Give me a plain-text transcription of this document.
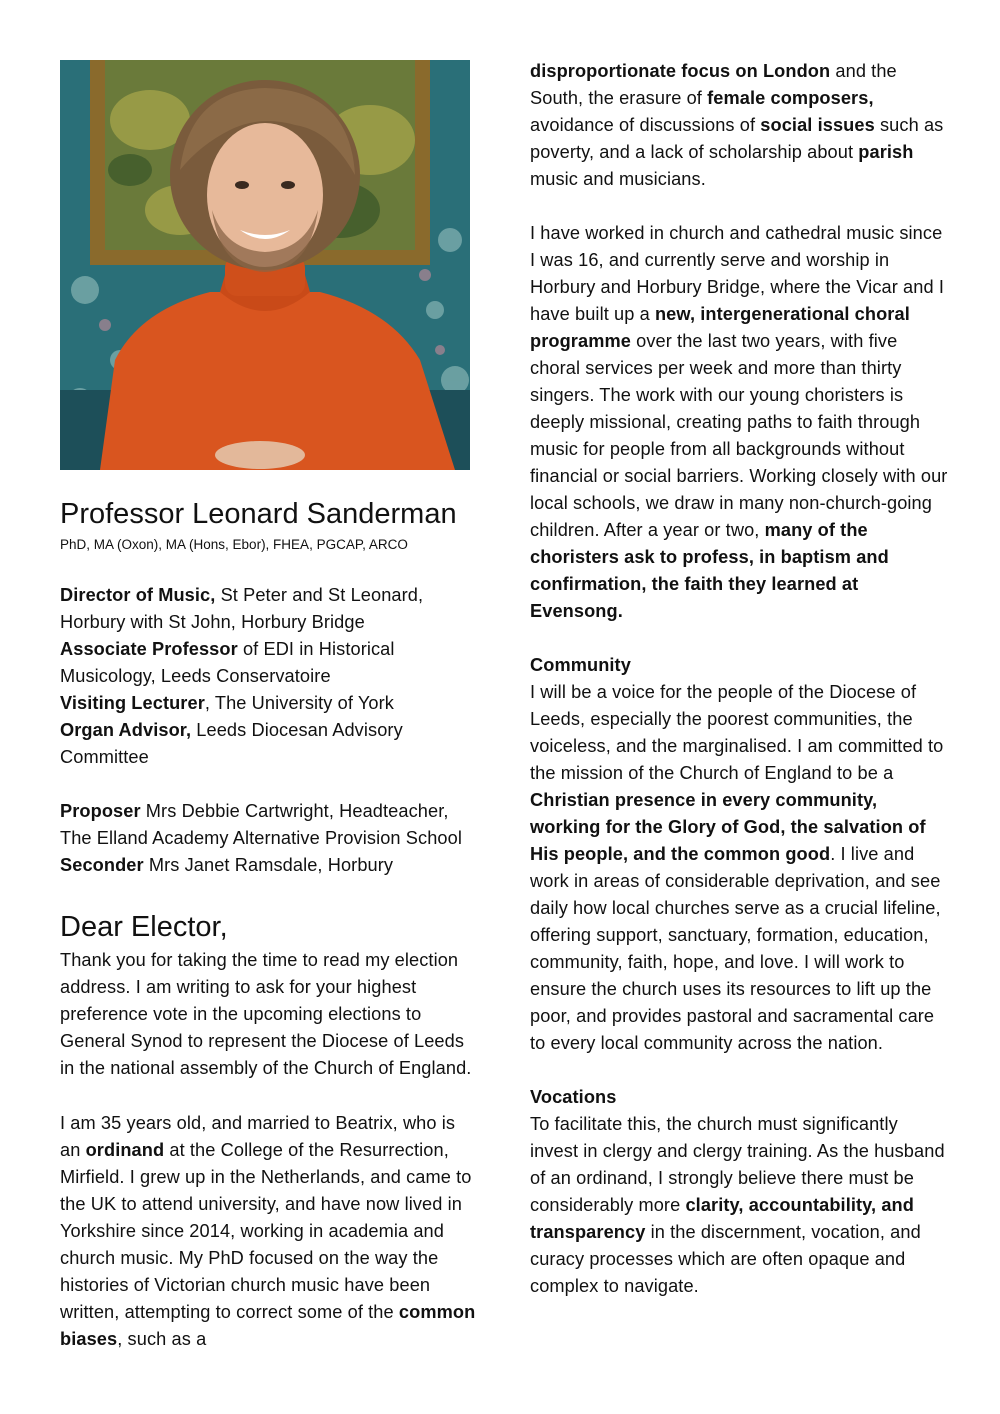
Professor Leonard Sanderman
PhD, MA (Oxon), MA (Hons, Ebor), FHEA, PGCAP, ARCO

Director of Music, St Peter and St Leonard, Horbury with St John, Horbury Bridge

Associate Professor of EDI in Historical Musicology, Leeds Conservatoire

Visiting Lecturer, The University of York

Organ Advisor, Leeds Diocesan Advisory Committee

Proposer Mrs Debbie Cartwright, Headteacher, The Elland Academy Alternative Provision School

Seconder Mrs Janet Ramsdale, Horbury

Dear Elector,

Thank you for taking the time to read my election address. I am writing to ask for your highest preference vote in the upcoming elections to General Synod to represent the Diocese of Leeds in the national assembly of the Church of England.

I am 35 years old, and married to Beatrix, who is an ordinand at the College of the Resurrection, Mirfield. I grew up in the Netherlands, and came to the UK to attend university, and have now lived in Yorkshire since 2014, working in academia and church music. My PhD focused on the way the histories of Victorian church music have been written, attempting to correct some of the common biases, such as a

disproportionate focus on London and the South, the erasure of female composers, avoidance of discussions of social issues such as poverty, and a lack of scholarship about parish music and musicians.

I have worked in church and cathedral music since I was 16, and currently serve and worship in Horbury and Horbury Bridge, where the Vicar and I have built up a new, intergenerational choral programme over the last two years, with five choral services per week and more than thirty singers. The work with our young choristers is deeply missional, creating paths to faith through music for people from all backgrounds without financial or social barriers. Working closely with our local schools, we draw in many non-church-going children. After a year or two, many of the choristers ask to profess, in baptism and confirmation, the faith they learned at Evensong.

Community

I will be a voice for the people of the Diocese of Leeds, especially the poorest communities, the voiceless, and the marginalised. I am committed to the mission of the Church of England to be a Christian presence in every community, working for the Glory of God, the salvation of His people, and the common good. I live and work in areas of considerable deprivation, and see daily how local churches serve as a crucial lifeline, offering support, sanctuary, formation, education, community, faith, hope, and love. I will work to ensure the church uses its resources to lift up the poor, and provides pastoral and sacramental care to every local community across the nation.

Vocations

To facilitate this, the church must significantly invest in clergy and clergy training. As the husband of an ordinand, I strongly believe there must be considerably more clarity, accountability, and transparency in the discernment, vocation, and curacy processes which are often opaque and complex to navigate.
